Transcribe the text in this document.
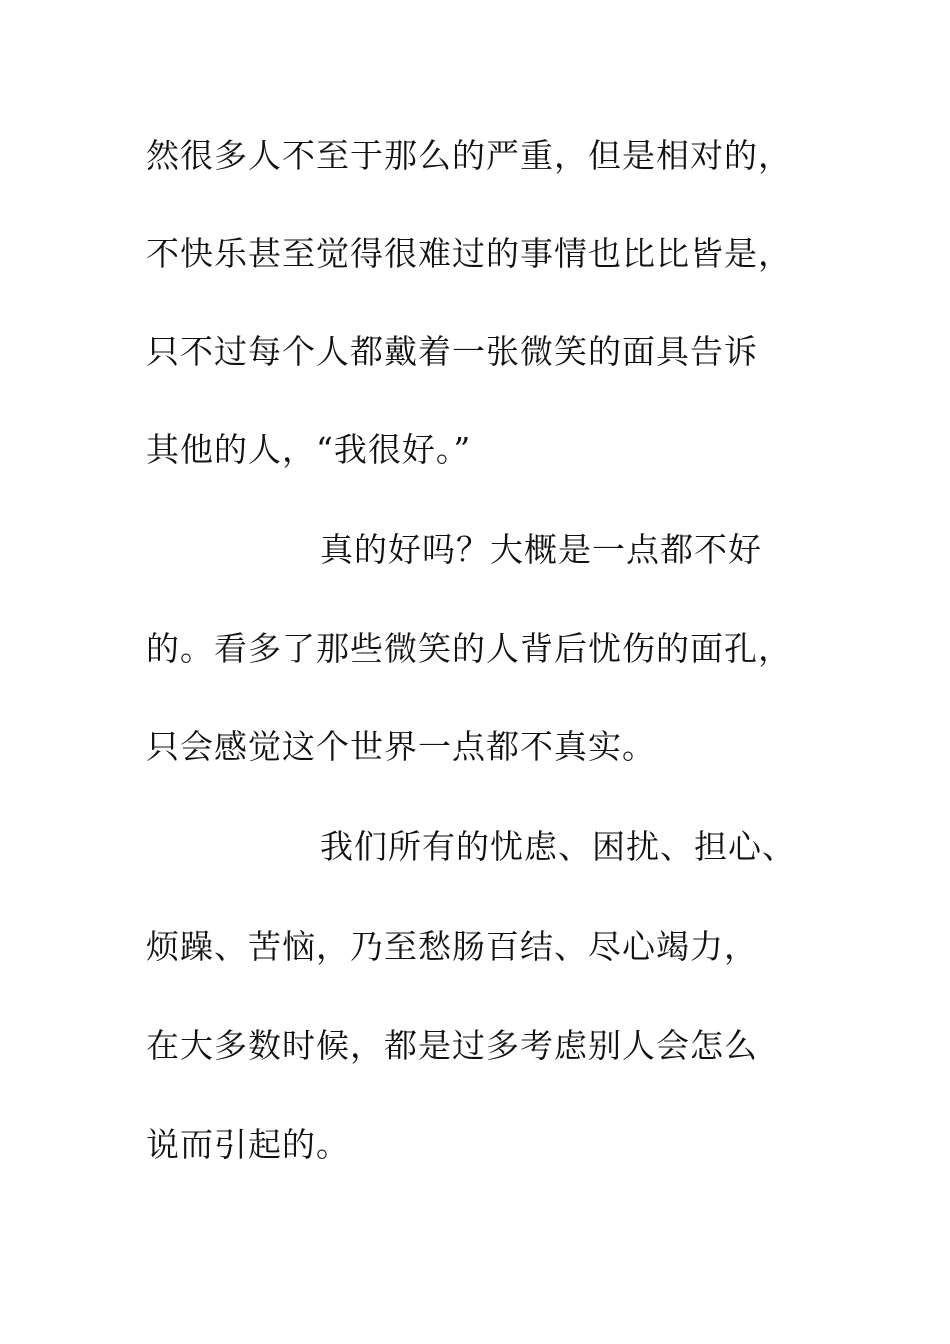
然很多人不至于那么的严重，但是相对的，
不快乐甚至觉得很难过的事情也比比皆是，
只不过每个人都戴着一张微笑的面具告诉
其他的人，“我很好。”
真的好吗？大概是一点都不好
的。看多了那些微笑的人背后忧伤的面孔，
只会感觉这个世界一点都不真实。
我们所有的忧虑、困扰、担心、
烦躁、苦恼，乃至愁肠百结、尽心竭力，
在大多数时候，都是过多考虑别人会怎么
说而引起的。
